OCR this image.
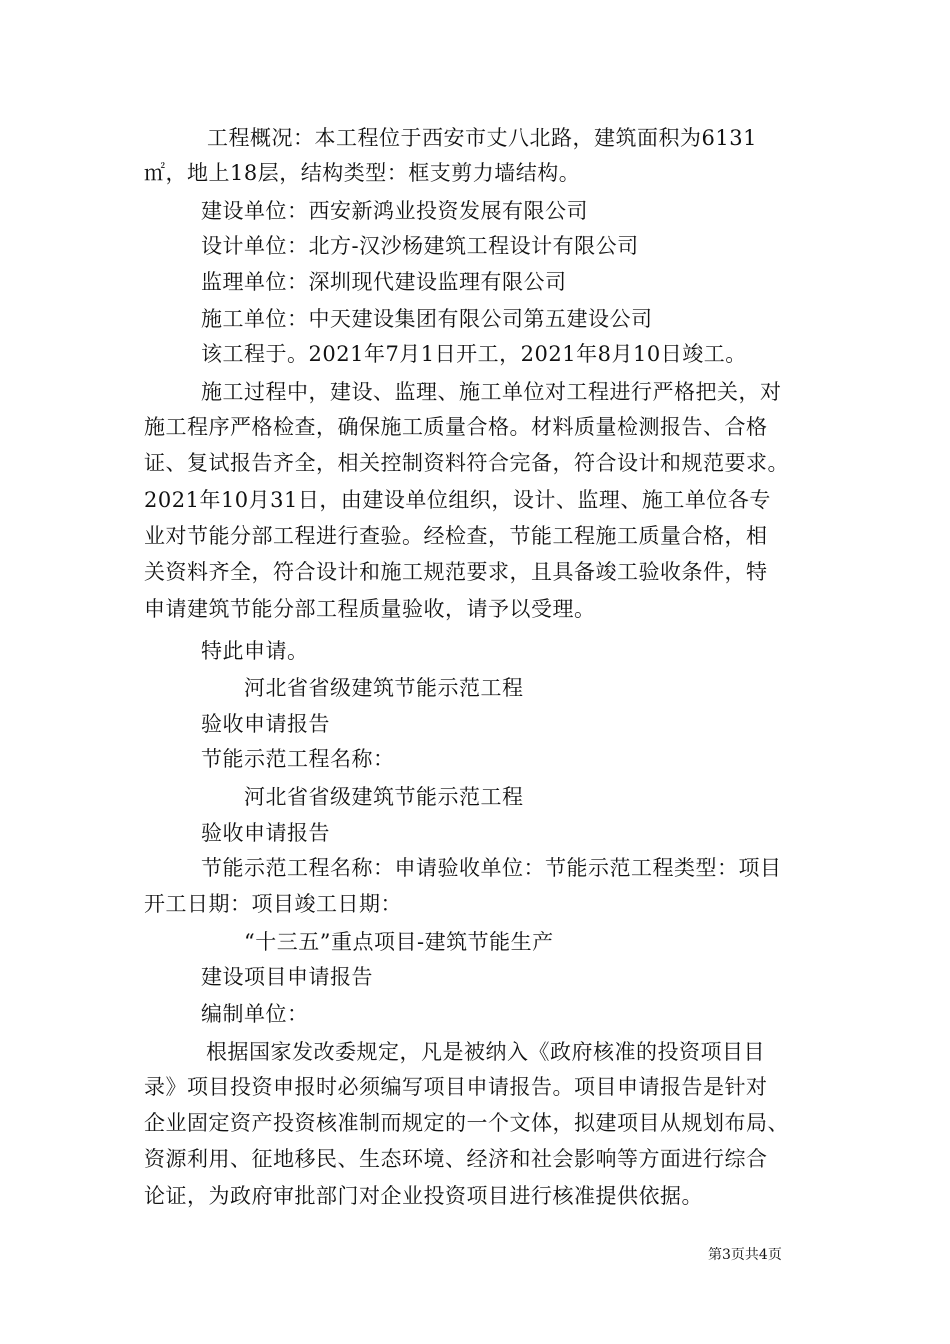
工程概况：本工程位于西安市丈八北路，建筑面积为6131
㎡，地上18层，结构类型：框支剪力墙结构。
建设单位：西安新鸿业投资发展有限公司
设计单位：北方-汉沙杨建筑工程设计有限公司
监理单位：深圳现代建设监理有限公司
施工单位：中天建设集团有限公司第五建设公司
该工程于。2021年7月1日开工，2021年8月10日竣工。
施工过程中，建设、监理、施工单位对工程进行严格把关，对
施工程序严格检查，确保施工质量合格。材料质量检测报告、合格
证、复试报告齐全，相关控制资料符合完备，符合设计和规范要求。
2021年10月31日，由建设单位组织，设计、监理、施工单位各专
业对节能分部工程进行查验。经检查，节能工程施工质量合格，相
关资料齐全，符合设计和施工规范要求，且具备竣工验收条件，特
申请建筑节能分部工程质量验收，请予以受理。
特此申请。
河北省省级建筑节能示范工程
验收申请报告
节能示范工程名称：
河北省省级建筑节能示范工程
验收申请报告
节能示范工程名称：申请验收单位：节能示范工程类型：项目
开工日期：项目竣工日期：
“十三五”重点项目-建筑节能生产
建设项目申请报告
编制单位：
根据国家发改委规定，凡是被纳入《政府核准的投资项目目
录》项目投资申报时必须编写项目申请报告。项目申请报告是针对
企业固定资产投资核准制而规定的一个文体，拟建项目从规划布局、
资源利用、征地移民、生态环境、经济和社会影响等方面进行综合
论证，为政府审批部门对企业投资项目进行核准提供依据。
第3页共4页
